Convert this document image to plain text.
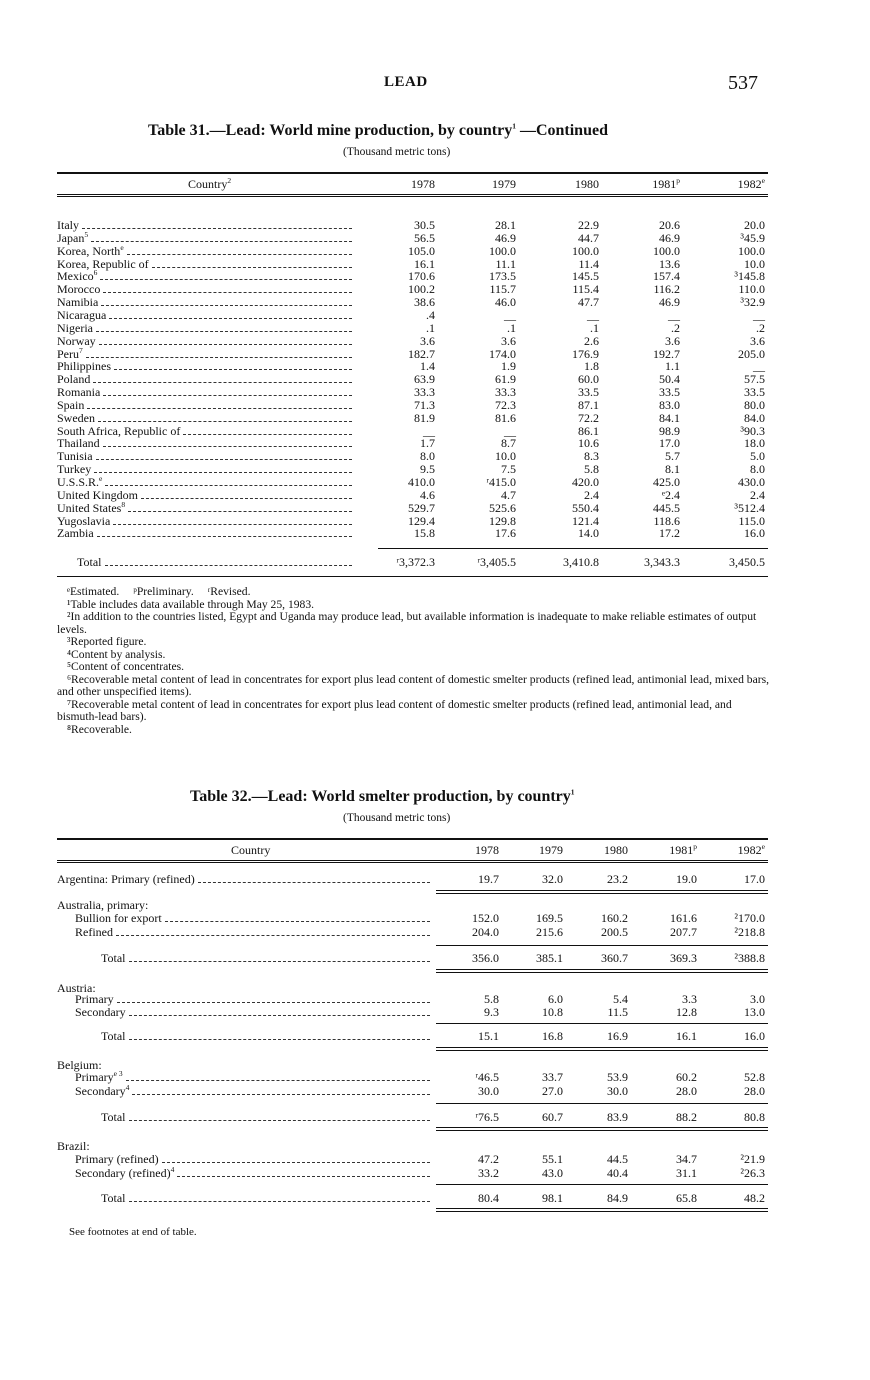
LEAD	537
Table 31.—Lead: World mine production, by country$^1$ —Continued
(Thousand metric tons)
Country$^2$	1978	1979	1980	1981$^p$	1982e
Italy	30.5	28.1	22.9	20.6	20.0
Japan$^5$	56.5	46.9	44.7	46.9	³45.9
Korea, North$^e$	105.0	100.0	100.0	100.0	100.0
Korea, Republic of	16.1	11.1	11.4	13.6	10.0
Mexico$^6$	170.6	173.5	145.5	157.4	³145.8
Morocco	100.2	115.7	115.4	116.2	110.0
Namibia	38.6	46.0	47.7	46.9	³32.9
Nicaragua	.4	__	__	__	__
Nigeria	.1	.1	.1	.2	.2
Norway	3.6	3.6	2.6	3.6	3.6
Peru$^7$	182.7	174.0	176.9	192.7	205.0
Philippines	1.4	1.9	1.8	1.1	__
Poland	63.9	61.9	60.0	50.4	57.5
Romania	33.3	33.3	33.5	33.5	33.5
Spain	71.3	72.3	87.1	83.0	80.0
Sweden	81.9	81.6	72.2	84.1	84.0
South Africa, Republic of	__	__	86.1	98.9	³90.3
Thailand	1.7	8.7	10.6	17.0	18.0
Tunisia	8.0	10.0	8.3	5.7	5.0
Turkey	9.5	7.5	5.8	8.1	8.0
U.S.S.R.$^e$	410.0	ʳ415.0	420.0	425.0	430.0
United Kingdom	4.6	4.7	2.4	ᵉ2.4	2.4
United States$^8$	529.7	525.6	550.4	445.5	³512.4
Yugoslavia	129.4	129.8	121.4	118.6	115.0
Zambia	15.8	17.6	14.0	17.2	16.0
Total	ʳ3,372.3	ʳ3,405.5	3,410.8	3,343.3	3,450.5
ᵉEstimated. ᵖPreliminary. ʳRevised.

¹Table includes data available through May 25, 1983.

²In addition to the countries listed, Egypt and Uganda may produce lead, but available information is inadequate to make reliable estimates of output levels.

³Reported figure.

⁴Content by analysis.

⁵Content of concentrates.

⁶Recoverable metal content of lead in concentrates for export plus lead content of domestic smelter products (refined lead, antimonial lead, mixed bars, and other unspecified items).

⁷Recoverable metal content of lead in concentrates for export plus lead content of domestic smelter products (refined lead, antimonial lead, and bismuth-lead bars).

⁸Recoverable.

Table 32.—Lead: World smelter production, by country$^1$
(Thousand metric tons)
Country	1978	1979	1980	1981$^p$	1982e
Argentina: Primary (refined)	19.7	32.0	23.2	19.0	17.0
Australia, primary:
Bullion for export	152.0	169.5	160.2	161.6	²170.0
Refined	204.0	215.6	200.5	207.7	²218.8
Total	356.0	385.1	360.7	369.3	²388.8
Austria:
Primary	5.8	6.0	5.4	3.3	3.0
Secondary	9.3	10.8	11.5	12.8	13.0
Total	15.1	16.8	16.9	16.1	16.0
Belgium:
Primary$^{e 3}$	ʳ46.5	33.7	53.9	60.2	52.8
Secondary$^4$	30.0	27.0	30.0	28.0	28.0
Total	ʳ76.5	60.7	83.9	88.2	80.8
Brazil:
Primary (refined)	47.2	55.1	44.5	34.7	²21.9
Secondary (refined)$^4$	33.2	43.0	40.4	31.1	²26.3
Total	80.4	98.1	84.9	65.8	48.2
See footnotes at end of table.
